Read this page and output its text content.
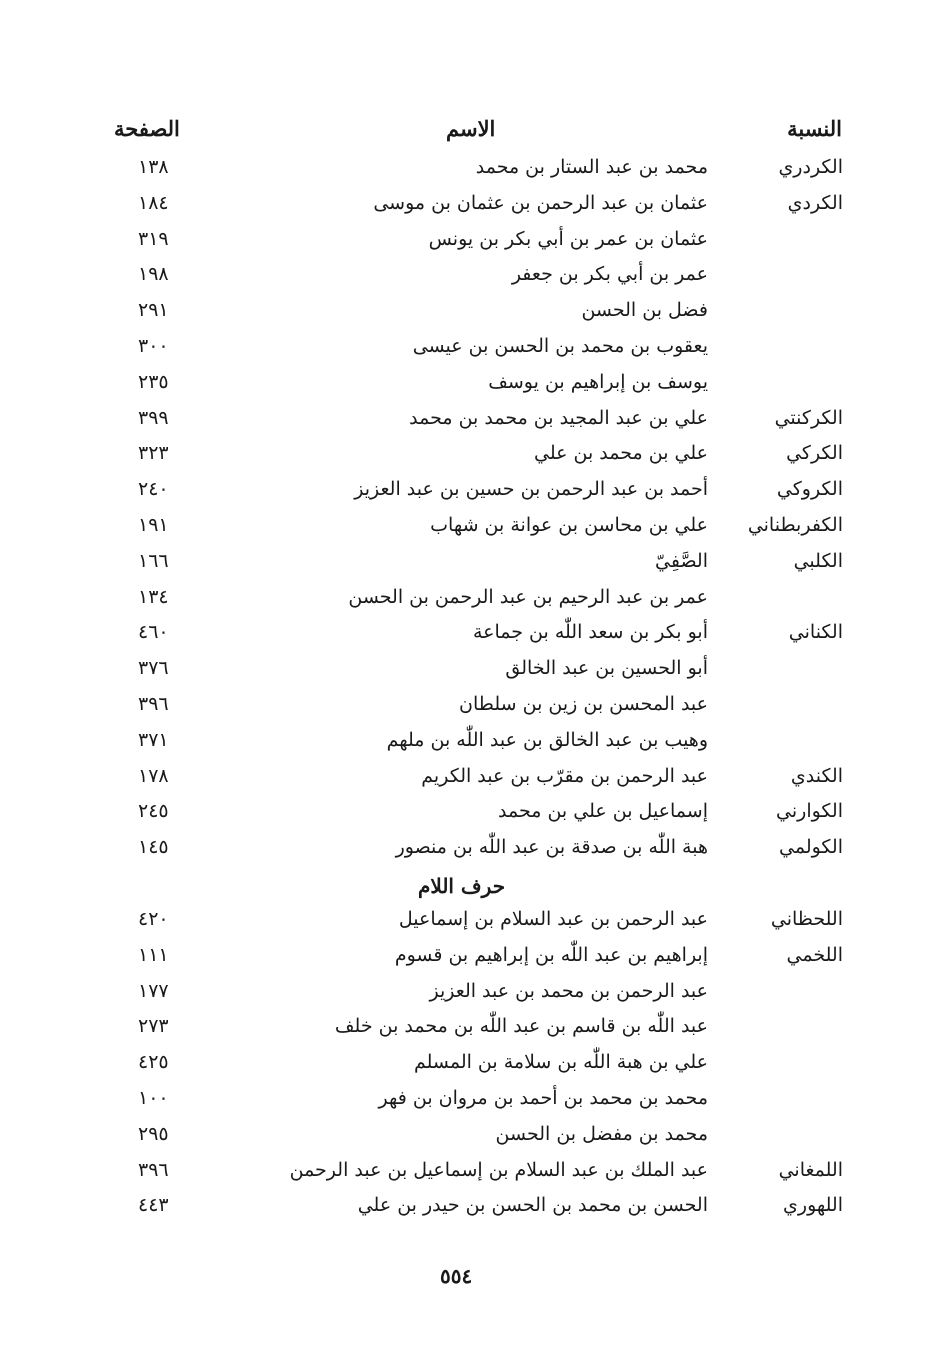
النسبة
الاسم
الصفحة
الكردري
محمد بن عبد الستار بن محمد
١٣٨
الكردي
عثمان بن عبد الرحمن بن عثمان بن موسى
١٨٤
عثمان بن عمر بن أبي بكر بن يونس
٣١٩
عمر بن أبي بكر بن جعفر
١٩٨
فضل بن الحسن
٢٩١
يعقوب بن محمد بن الحسن بن عيسى
٣٠٠
يوسف بن إبراهيم بن يوسف
٢٣٥
الكركنتي
علي بن عبد المجيد بن محمد بن محمد
٣٩٩
الكركي
علي بن محمد بن علي
٣٢٣
الكروكي
أحمد بن عبد الرحمن بن حسين بن عبد العزيز
٢٤٠
الكفربطناني
علي بن محاسن بن عوانة بن شهاب
١٩١
الكلبي
الصَّفِيّ
١٦٦
عمر بن عبد الرحيم بن عبد الرحمن بن الحسن
١٣٤
الكناني
أبو بكر بن سعد اللّٰه بن جماعة
٤٦٠
أبو الحسين بن عبد الخالق
٣٧٦
عبد المحسن بن زين بن سلطان
٣٩٦
وهيب بن عبد الخالق بن عبد اللّٰه بن ملهم
٣٧١
الكندي
عبد الرحمن بن مقرّب بن عبد الكريم
١٧٨
الكوارني
إسماعيل بن علي بن محمد
٢٤٥
الكولمي
هبة اللّٰه بن صدقة بن عبد اللّٰه بن منصور
١٤٥
حرف اللام
اللحظاني
عبد الرحمن بن عبد السلام بن إسماعيل
٤٢٠
اللخمي
إبراهيم بن عبد اللّٰه بن إبراهيم بن قسوم
١١١
عبد الرحمن بن محمد بن عبد العزيز
١٧٧
عبد اللّٰه بن قاسم بن عبد اللّٰه بن محمد بن خلف
٢٧٣
علي بن هبة اللّٰه بن سلامة بن المسلم
٤٢٥
محمد بن محمد بن أحمد بن مروان بن فهر
١٠٠
محمد بن مفضل بن الحسن
٢٩٥
اللمغاني
عبد الملك بن عبد السلام بن إسماعيل بن عبد الرحمن
٣٩٦
اللهوري
الحسن بن محمد بن الحسن بن حيدر بن علي
٤٤٣
٥٥٤
